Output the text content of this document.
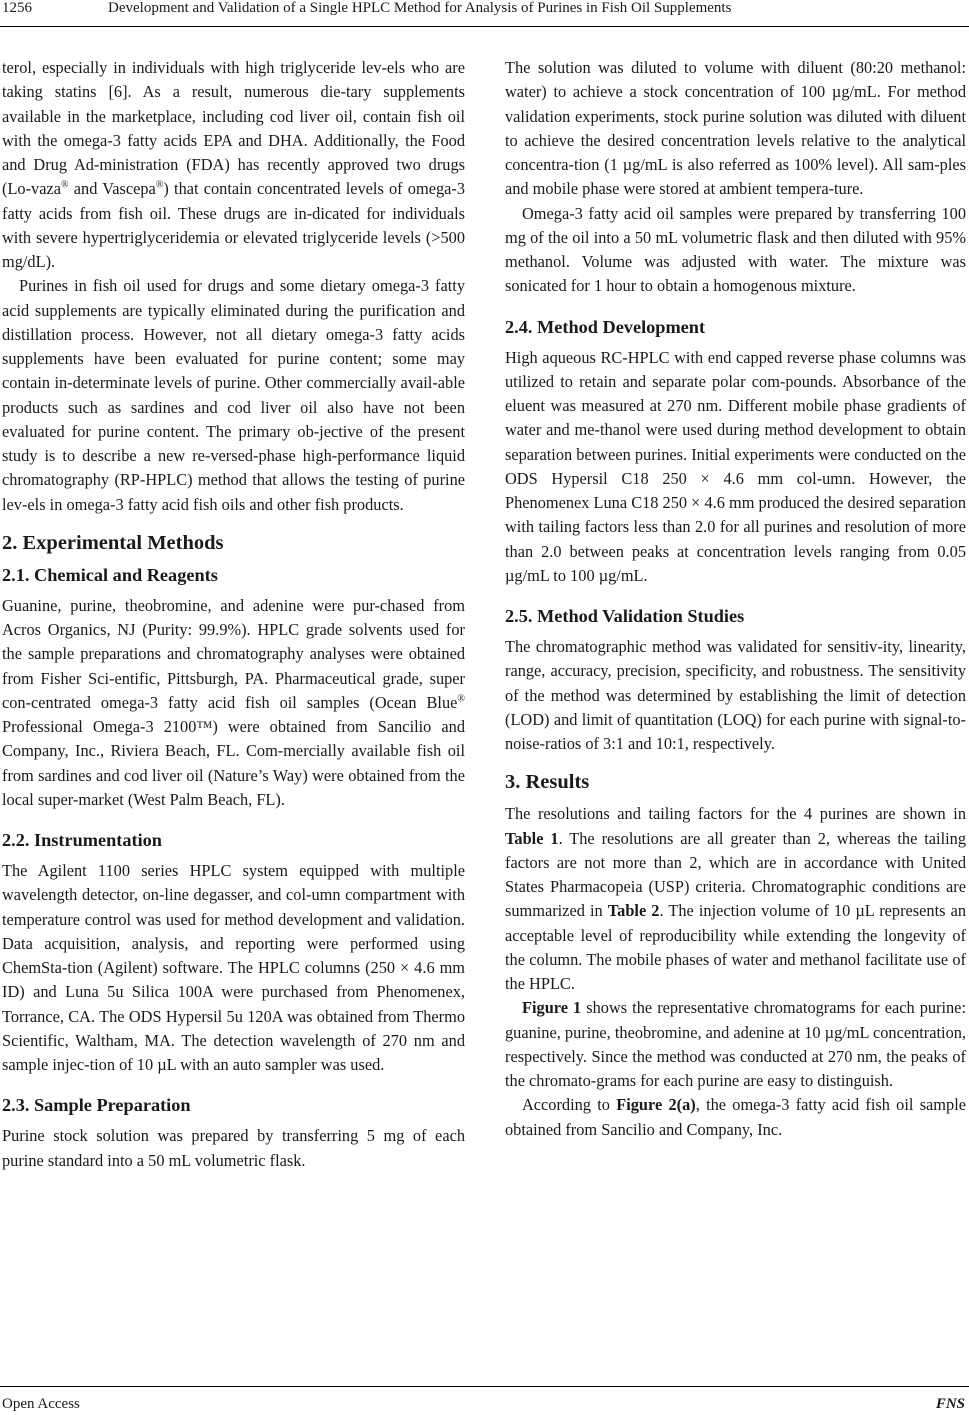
1256	Development and Validation of a Single HPLC Method for Analysis of Purines in Fish Oil Supplements

terol, especially in individuals with high triglyceride lev-els who are taking statins [6]. As a result, numerous die-tary supplements available in the marketplace, including cod liver oil, contain fish oil with the omega-3 fatty acids EPA and DHA. Additionally, the Food and Drug Ad-ministration (FDA) has recently approved two drugs (Lo-vaza® and Vascepa®) that contain concentrated levels of omega-3 fatty acids from fish oil. These drugs are in-dicated for individuals with severe hypertriglyceridemia or elevated triglyceride levels (>500 mg/dL).

Purines in fish oil used for drugs and some dietary omega-3 fatty acid supplements are typically eliminated during the purification and distillation process. However, not all dietary omega-3 fatty acids supplements have been evaluated for purine content; some may contain in-determinate levels of purine. Other commercially avail-able products such as sardines and cod liver oil also have not been evaluated for purine content. The primary ob-jective of the present study is to describe a new re-versed-phase high-performance liquid chromatography (RP-HPLC) method that allows the testing of purine lev-els in omega-3 fatty acid fish oils and other fish products.

2. Experimental Methods
2.1. Chemical and Reagents

Guanine, purine, theobromine, and adenine were pur-chased from Acros Organics, NJ (Purity: 99.9%). HPLC grade solvents used for the sample preparations and chromatography analyses were obtained from Fisher Sci-entific, Pittsburgh, PA. Pharmaceutical grade, super con-centrated omega-3 fatty acid fish oil samples (Ocean Blue® Professional Omega-3 2100™) were obtained from Sancilio and Company, Inc., Riviera Beach, FL. Com-mercially available fish oil from sardines and cod liver oil (Nature’s Way) were obtained from the local super-market (West Palm Beach, FL).

2.2. Instrumentation

The Agilent 1100 series HPLC system equipped with multiple wavelength detector, on-line degasser, and col-umn compartment with temperature control was used for method development and validation. Data acquisition, analysis, and reporting were performed using ChemSta-tion (Agilent) software. The HPLC columns (250 × 4.6 mm ID) and Luna 5u Silica 100A were purchased from Phenomenex, Torrance, CA. The ODS Hypersil 5u 120A was obtained from Thermo Scientific, Waltham, MA. The detection wavelength of 270 nm and sample injec-tion of 10 µL with an auto sampler was used.

2.3. Sample Preparation

Purine stock solution was prepared by transferring 5 mg of each purine standard into a 50 mL volumetric flask.

The solution was diluted to volume with diluent (80:20 methanol: water) to achieve a stock concentration of 100 µg/mL. For method validation experiments, stock purine solution was diluted with diluent to achieve the desired concentration levels relative to the analytical concentra-tion (1 µg/mL is also referred as 100% level). All sam-ples and mobile phase were stored at ambient tempera-ture.

Omega-3 fatty acid oil samples were prepared by transferring 100 mg of the oil into a 50 mL volumetric flask and then diluted with 95% methanol. Volume was adjusted with water. The mixture was sonicated for 1 hour to obtain a homogenous mixture.

2.4. Method Development

High aqueous RC-HPLC with end capped reverse phase columns was utilized to retain and separate polar com-pounds. Absorbance of the eluent was measured at 270 nm. Different mobile phase gradients of water and me-thanol were used during method development to obtain separation between purines. Initial experiments were conducted on the ODS Hypersil C18 250 × 4.6 mm col-umn. However, the Phenomenex Luna C18 250 × 4.6 mm produced the desired separation with tailing factors less than 2.0 for all purines and resolution of more than 2.0 between peaks at concentration levels ranging from 0.05 µg/mL to 100 µg/mL.

2.5. Method Validation Studies

The chromatographic method was validated for sensitiv-ity, linearity, range, accuracy, precision, specificity, and robustness. The sensitivity of the method was determined by establishing the limit of detection (LOD) and limit of quantitation (LOQ) for each purine with signal-to-noise-ratios of 3:1 and 10:1, respectively.

3. Results

The resolutions and tailing factors for the 4 purines are shown in Table 1. The resolutions are all greater than 2, whereas the tailing factors are not more than 2, which are in accordance with United States Pharmacopeia (USP) criteria. Chromatographic conditions are summarized in Table 2. The injection volume of 10 µL represents an acceptable level of reproducibility while extending the longevity of the column. The mobile phases of water and methanol facilitate use of the HPLC.

Figure 1 shows the representative chromatograms for each purine: guanine, purine, theobromine, and adenine at 10 µg/mL concentration, respectively. Since the method was conducted at 270 nm, the peaks of the chromato-grams for each purine are easy to distinguish.

According to Figure 2(a), the omega-3 fatty acid fish oil sample obtained from Sancilio and Company, Inc.

Open Access	FNS
